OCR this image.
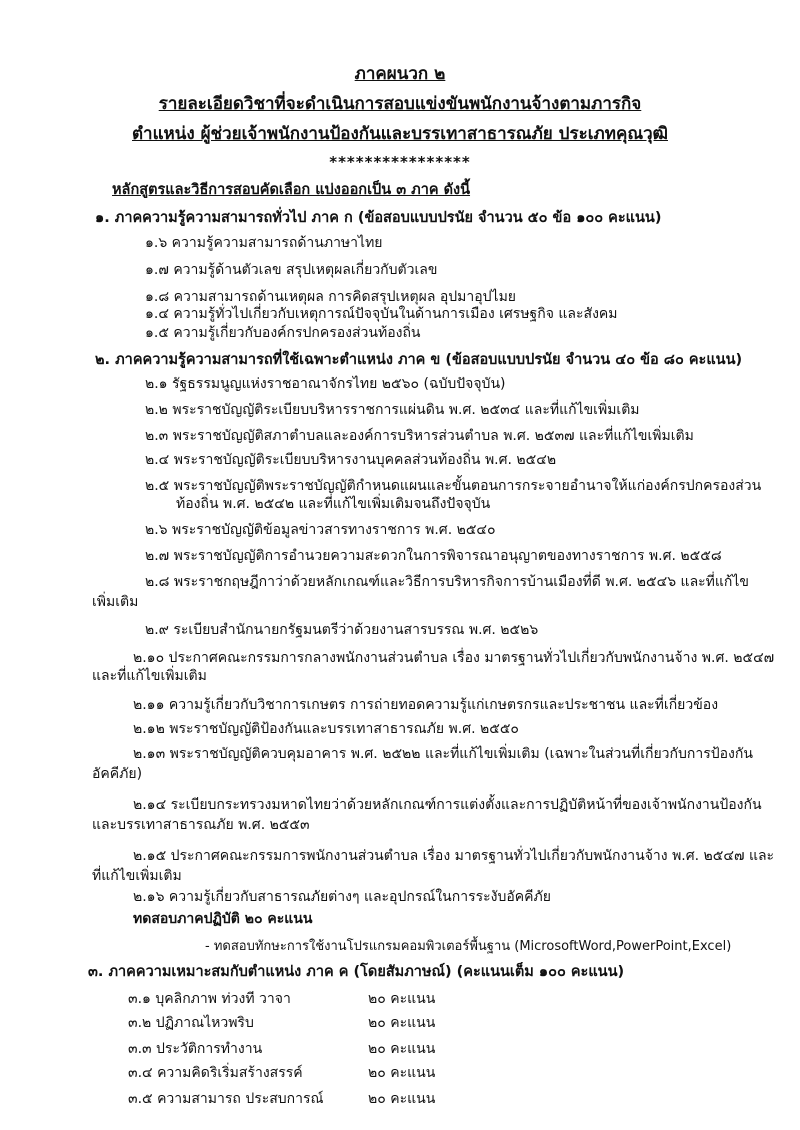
ภาคผนวก ๒
รายละเอียดวิชาที่จะดำเนินการสอบแข่งขันพนักงานจ้างตามภารกิจ
ตำแหน่ง ผู้ช่วยเจ้าพนักงานป้องกันและบรรเทาสาธารณภัย ประเภทคุณวุฒิ
****************
หลักสูตรและวิธีการสอบคัดเลือก แบ่งออกเป็น ๓ ภาค ดังนี้
๑. ภาคความรู้ความสามารถทั่วไป ภาค ก (ข้อสอบแบบปรนัย จำนวน ๕๐ ข้อ ๑๐๐ คะแนน)
๑.๖ ความรู้ความสามารถด้านภาษาไทย
๑.๗ ความรู้ด้านตัวเลข สรุปเหตุผลเกี่ยวกับตัวเลข
๑.๘ ความสามารถด้านเหตุผล การคิดสรุปเหตุผล อุปมาอุปไมย
๑.๔ ความรู้ทั่วไปเกี่ยวกับเหตุการณ์ปัจจุบันในด้านการเมือง เศรษฐกิจ และสังคม
๑.๕ ความรู้เกี่ยวกับองค์กรปกครองส่วนท้องถิ่น
๒. ภาคความรู้ความสามารถที่ใช้เฉพาะตำแหน่ง ภาค ข (ข้อสอบแบบปรนัย จำนวน ๔๐ ข้อ ๘๐ คะแนน)
๒.๑ รัฐธรรมนูญแห่งราชอาณาจักรไทย ๒๕๖๐ (ฉบับปัจจุบัน)
๒.๒ พระราชบัญญัติระเบียบบริหารราชการแผ่นดิน พ.ศ. ๒๕๓๔ และที่แก้ไขเพิ่มเติม
๒.๓ พระราชบัญญัติสภาตำบลและองค์การบริหารส่วนตำบล พ.ศ. ๒๕๓๗ และที่แก้ไขเพิ่มเติม
๒.๔ พระราชบัญญัติระเบียบบริหารงานบุคคลส่วนท้องถิ่น พ.ศ. ๒๕๔๒
๒.๕ พระราชบัญญัติพระราชบัญญัติกำหนดแผนและขั้นตอนการกระจายอำนาจให้แก่องค์กรปกครองส่วน
ท้องถิ่น พ.ศ. ๒๕๔๒ และที่แก้ไขเพิ่มเติมจนถึงปัจจุบัน
๒.๖ พระราชบัญญัติข้อมูลข่าวสารทางราชการ พ.ศ. ๒๕๔๐
๒.๗ พระราชบัญญัติการอำนวยความสะดวกในการพิจารณาอนุญาตของทางราชการ พ.ศ. ๒๕๕๘
๒.๘ พระราชกฤษฎีกาว่าด้วยหลักเกณฑ์และวิธีการบริหารกิจการบ้านเมืองที่ดี พ.ศ. ๒๕๔๖ และที่แก้ไข
เพิ่มเติม
๒.๙ ระเบียบสำนักนายกรัฐมนตรีว่าด้วยงานสารบรรณ พ.ศ. ๒๕๒๖
๒.๑๐ ประกาศคณะกรรมการกลางพนักงานส่วนตำบล เรื่อง มาตรฐานทั่วไปเกี่ยวกับพนักงานจ้าง พ.ศ. ๒๕๔๗
และที่แก้ไขเพิ่มเติม
๒.๑๑ ความรู้เกี่ยวกับวิชาการเกษตร การถ่ายทอดความรู้แก่เกษตรกรและประชาชน และที่เกี่ยวข้อง
๒.๑๒ พระราชบัญญัติป้องกันและบรรเทาสาธารณภัย พ.ศ. ๒๕๕๐
๒.๑๓ พระราชบัญญัติควบคุมอาคาร พ.ศ. ๒๕๒๒ และที่แก้ไขเพิ่มเติม (เฉพาะในส่วนที่เกี่ยวกับการป้องกัน
อัคคีภัย)
๒.๑๔ ระเบียบกระทรวงมหาดไทยว่าด้วยหลักเกณฑ์การแต่งตั้งและการปฏิบัติหน้าที่ของเจ้าพนักงานป้องกัน
และบรรเทาสาธารณภัย พ.ศ. ๒๕๕๓
๒.๑๕ ประกาศคณะกรรมการพนักงานส่วนตำบล เรื่อง มาตรฐานทั่วไปเกี่ยวกับพนักงานจ้าง พ.ศ. ๒๕๔๗ และ
ที่แก้ไขเพิ่มเติม
๒.๑๖ ความรู้เกี่ยวกับสาธารณภัยต่างๆ และอุปกรณ์ในการระงับอัคคีภัย
ทดสอบภาคปฏิบัติ ๒๐ คะแนน
- ทดสอบทักษะการใช้งานโปรแกรมคอมพิวเตอร์พื้นฐาน (MicrosoftWord,PowerPoint,Excel)
๓. ภาคความเหมาะสมกับตำแหน่ง ภาค ค (โดยสัมภาษณ์) (คะแนนเต็ม ๑๐๐ คะแนน)
๓.๑ บุคลิกภาพ ท่วงที วาจา	๒๐ คะแนน
๓.๒ ปฏิภาณไหวพริบ	๒๐ คะแนน
๓.๓ ประวัติการทำงาน	๒๐ คะแนน
๓.๔ ความคิดริเริ่มสร้างสรรค์	๒๐ คะแนน
๓.๕ ความสามารถ ประสบการณ์	๒๐ คะแนน
